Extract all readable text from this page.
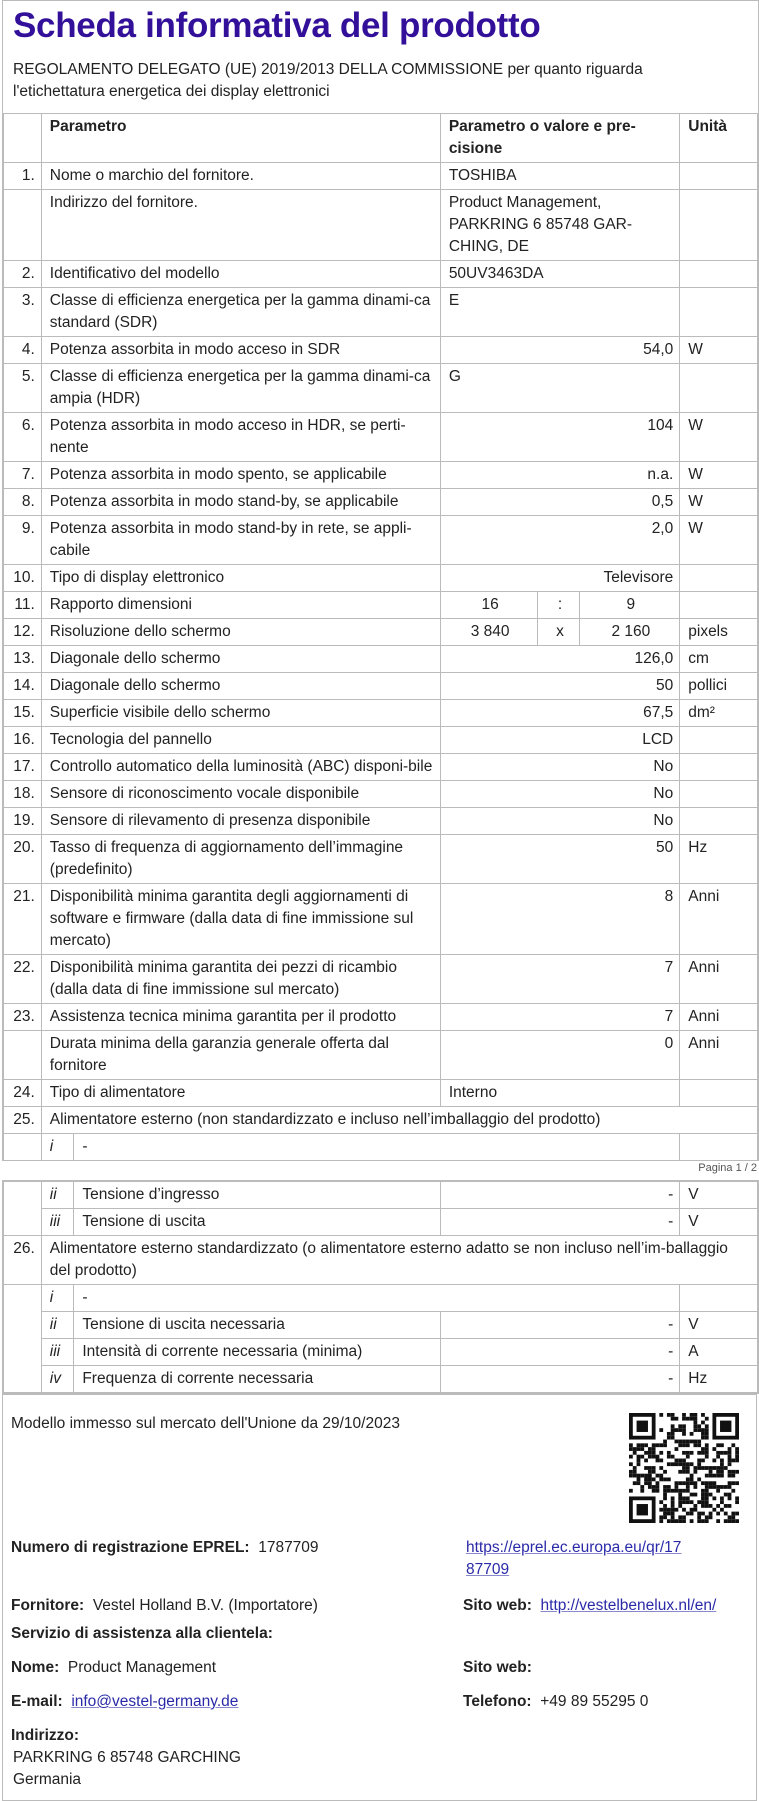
Scheda informativa del prodotto
REGOLAMENTO DELEGATO (UE) 2019/2013 DELLA COMMISSIONE per quanto riguarda
l'etichettatura energetica dei display elettronici
	Parametro		Parametro o valore e pre-cisione			Unità
1.	Nome o marchio del fornitore.		TOSHIBA			
	Indirizzo del fornitore.		Product Management, PARKRING 6 85748 GAR-CHING, DE			
2.	Identificativo del modello		50UV3463DA			
3.	Classe di efficienza energetica per la gamma dinami-ca standard (SDR)		E			
4.	Potenza assorbita in modo acceso in SDR		54,0			W
5.	Classe di efficienza energetica per la gamma dinami-ca ampia (HDR)		G			
6.	Potenza assorbita in modo acceso in HDR, se perti-nente		104			W
7.	Potenza assorbita in modo spento, se applicabile		n.a.			W
8.	Potenza assorbita in modo stand-by, se applicabile		0,5			W
9.	Potenza assorbita in modo stand-by in rete, se appli-cabile		2,0			W
10.	Tipo di display elettronico		Televisore			
11.	Rapporto dimensioni		16	:	9	
12.	Risoluzione dello schermo		3 840	x	2 160	pixels
13.	Diagonale dello schermo		126,0			cm
14.	Diagonale dello schermo		50			pollici
15.	Superficie visibile dello schermo		67,5			dm²
16.	Tecnologia del pannello		LCD			
17.	Controllo automatico della luminosità (ABC) disponi-bile		No			
18.	Sensore di riconoscimento vocale disponibile		No			
19.	Sensore di rilevamento di presenza disponibile		No			
20.	Tasso di frequenza di aggiornamento dell’immagine (predefinito)		50			Hz
21.	Disponibilità minima garantita degli aggiornamenti di software e firmware (dalla data di fine immissione sul mercato)		8			Anni
22.	Disponibilità minima garantita dei pezzi di ricambio (dalla data di fine immissione sul mercato)		7			Anni
23.	Assistenza tecnica minima garantita per il prodotto		7			Anni
	Durata minima della garanzia generale offerta dal fornitore		0			Anni
24.	Tipo di alimentatore		Interno			
25.	Alimentatore esterno (non standardizzato e incluso nell’imballaggio del prodotto)					
	i	-				
Pagina 1 / 2
	ii	Tensione d’ingresso	-	V
	iii	Tensione di uscita	-	V
26.	Alimentatore esterno standardizzato (o alimentatore esterno adatto se non incluso nell’im-ballaggio del prodotto)			
	i	-		
	ii	Tensione di uscita necessaria	-	V
	iii	Intensità di corrente necessaria (minima)	-	A
	iv	Frequenza di corrente necessaria	-	Hz
Modello immesso sul mercato dell'Unione da 29/10/2023
Numero di registrazione EPREL: 1787709	https://eprel.ec.europa.eu/qr/17
87709
Fornitore: Vestel Holland B.V. (Importatore)	Sito web: http://vestelbenelux.nl/en/
Servizio di assistenza alla clientela:
Nome: Product Management	Sito web:
E-mail: info@vestel-germany.de	Telefono: +49 89 55295 0
Indirizzo:
PARKRING 6 85748 GARCHING
Germania
